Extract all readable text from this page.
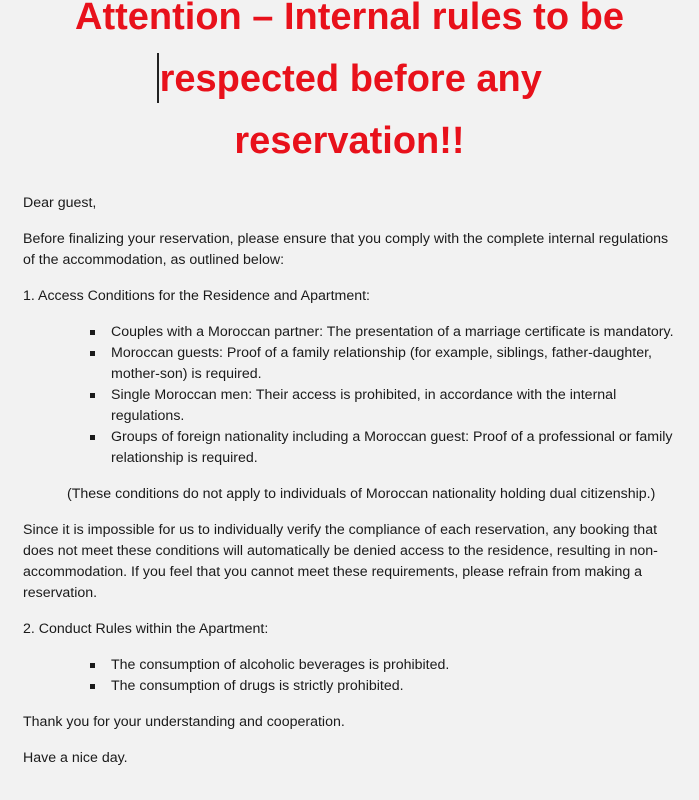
Attention – Internal rules to be
respected before any
reservation!!

Dear guest,

Before finalizing your reservation, please ensure that you comply with the complete internal regulations of the accommodation, as outlined below:

1. Access Conditions for the Residence and Apartment:

Couples with a Moroccan partner: The presentation of a marriage certificate is mandatory.
Moroccan guests: Proof of a family relationship (for example, siblings, father-daughter, mother-son) is required.
Single Moroccan men: Their access is prohibited, in accordance with the internal regulations.
Groups of foreign nationality including a Moroccan guest: Proof of a professional or family relationship is required.

(These conditions do not apply to individuals of Moroccan nationality holding dual citizenship.)

Since it is impossible for us to individually verify the compliance of each reservation, any booking that does not meet these conditions will automatically be denied access to the residence, resulting in non-accommodation. If you feel that you cannot meet these requirements, please refrain from making a reservation.

2. Conduct Rules within the Apartment:

The consumption of alcoholic beverages is prohibited.
The consumption of drugs is strictly prohibited.

Thank you for your understanding and cooperation.

Have a nice day.
